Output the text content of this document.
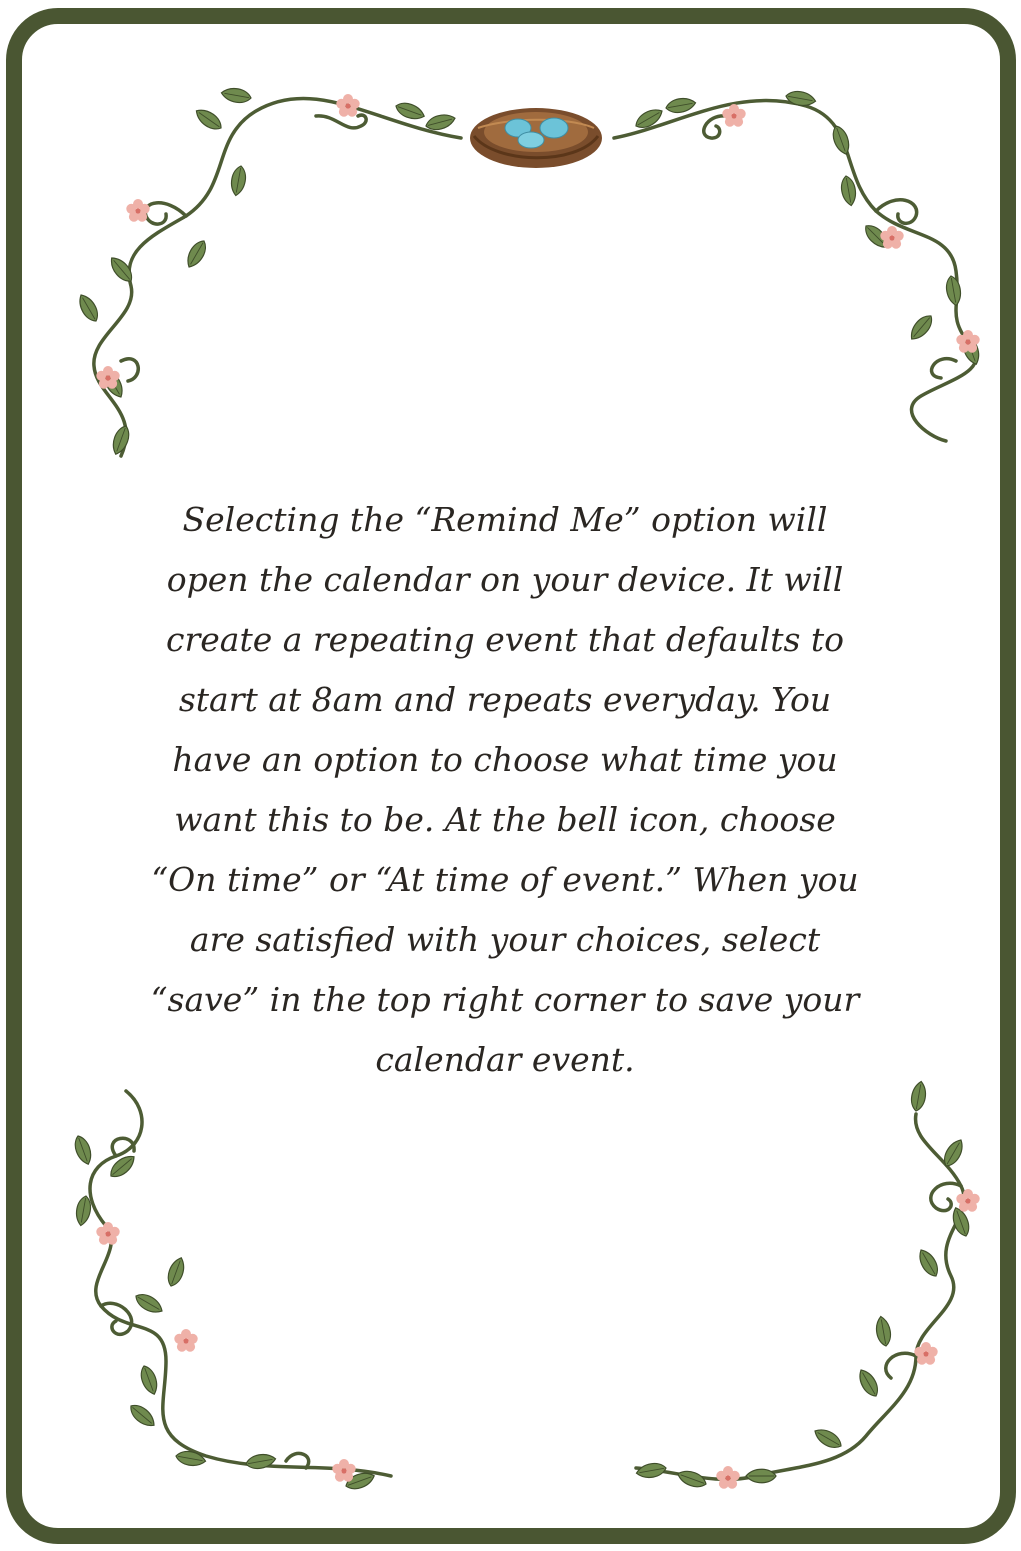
Selecting the “Remind Me” option will open the calendar on your device. It will create a repeating event that defaults to start at 8am and repeats everyday. You have an option to choose what time you want this to be. At the bell icon, choose “On time” or “At time of event.” When you are satisfied with your choices, select “save” in the top right corner to save your calendar event.
